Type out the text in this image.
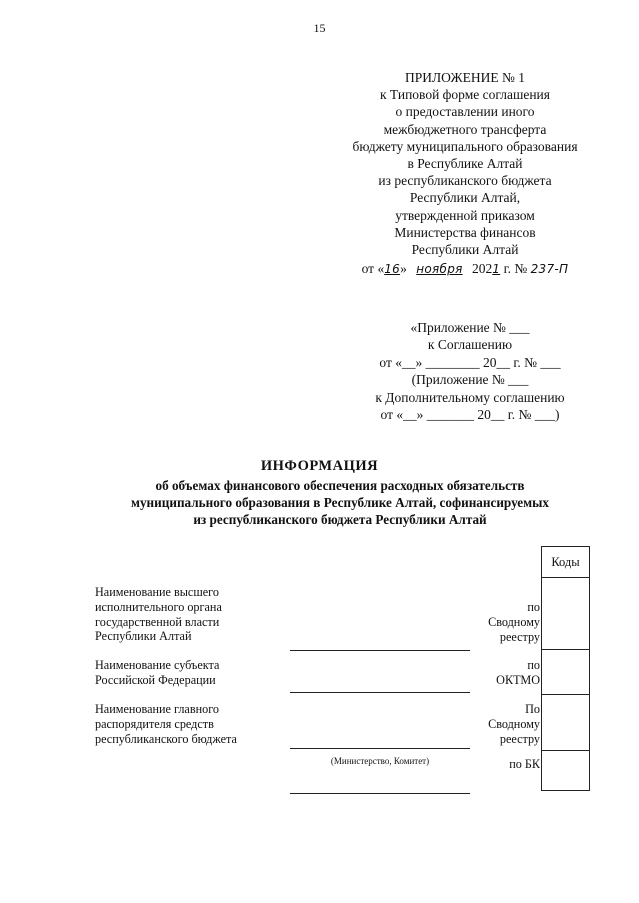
15
ПРИЛОЖЕНИЕ № 1
к Типовой форме соглашения
о предоставлении иного
межбюджетного трансферта
бюджету муниципального образования
в Республике Алтай
из республиканского бюджета
Республики Алтай,
утвержденной приказом
Министерства финансов
Республики Алтай
от «16» ноября 2021 г. № 237-П
«Приложение № ___
к Соглашению
от «__» ________ 20__ г. № ___
(Приложение № ___
к Дополнительному соглашению
от «__» _______ 20__ г. № ___)
ИНФОРМАЦИЯ
об объемах финансового обеспечения расходных обязательств
муниципального образования в Республике Алтай, софинансируемых
из республиканского бюджета Республики Алтай
Наименование высшего
исполнительного органа
государственной власти
Республики Алтай
Наименование субъекта
Российской Федерации
Наименование главного
распорядителя средств
республиканского бюджета
(Министерство, Комитет)
по
Сводному
реестру
по
ОКТМО
По
Сводному
реестру
по БК
Коды
